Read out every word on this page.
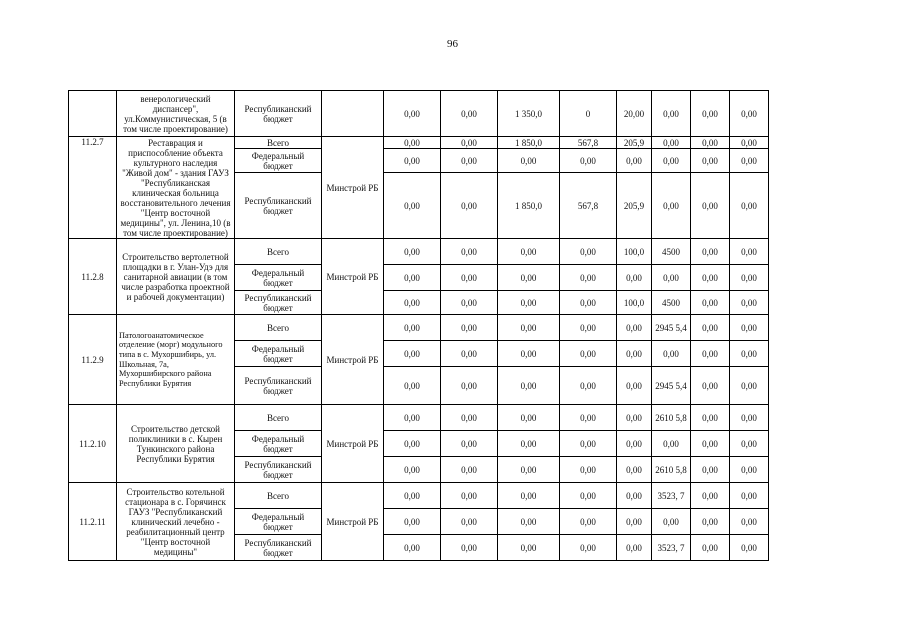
96
	венерологический диспансер", ул.Коммунистическая, 5 (в том числе проектирование)	Республиканский бюджет		0,00	0,00	1 350,0	0	20,00	0,00	0,00	0,00
11.2.7	Реставрация и приспособление объекта культурного наследия "Живой дом" - здания ГАУЗ "Республиканская клиническая больница восстановительного лечения "Центр восточной медицины", ул. Ленина,10 (в том числе проектирование)	Всего	Минстрой РБ	0,00	0,00	1 850,0	567,8	205,9	0,00	0,00	0,00
		Федеральный бюджет		0,00	0,00	0,00	0,00	0,00	0,00	0,00	0,00
		Республиканский бюджет		0,00	0,00	1 850,0	567,8	205,9	0,00	0,00	0,00
11.2.8	Строительство вертолетной площадки в г. Улан-Удэ для санитарной авиации (в том числе разработка проектной и рабочей документации)	Всего	Минстрой РБ	0,00	0,00	0,00	0,00	100,0	4500	0,00	0,00
		Федеральный бюджет		0,00	0,00	0,00	0,00	0,00	0,00	0,00	0,00
		Республиканский бюджет		0,00	0,00	0,00	0,00	100,0	4500	0,00	0,00
11.2.9	Патологоанатомическое отделение (морг) модульного типа в с. Мухоршибирь, ул. Школьная, 7а, Мухоршибирского района Республики Бурятия	Всего	Минстрой РБ	0,00	0,00	0,00	0,00	0,00	2945 5,4	0,00	0,00
		Федеральный бюджет		0,00	0,00	0,00	0,00	0,00	0,00	0,00	0,00
		Республиканский бюджет		0,00	0,00	0,00	0,00	0,00	2945 5,4	0,00	0,00
11.2.10	Строительство детской поликлиники в с. Кырен Тункинского района Республики Бурятия	Всего	Минстрой РБ	0,00	0,00	0,00	0,00	0,00	2610 5,8	0,00	0,00
		Федеральный бюджет		0,00	0,00	0,00	0,00	0,00	0,00	0,00	0,00
		Республиканский бюджет		0,00	0,00	0,00	0,00	0,00	2610 5,8	0,00	0,00
11.2.11	Строительство котельной стационара в с. Горячинск ГАУЗ "Республиканский клинический лечебно - реабилитационный центр "Центр восточной медицины"	Всего	Минстрой РБ	0,00	0,00	0,00	0,00	0,00	3523, 7	0,00	0,00
		Федеральный бюджет		0,00	0,00	0,00	0,00	0,00	0,00	0,00	0,00
		Республиканский бюджет		0,00	0,00	0,00	0,00	0,00	3523, 7	0,00	0,00
